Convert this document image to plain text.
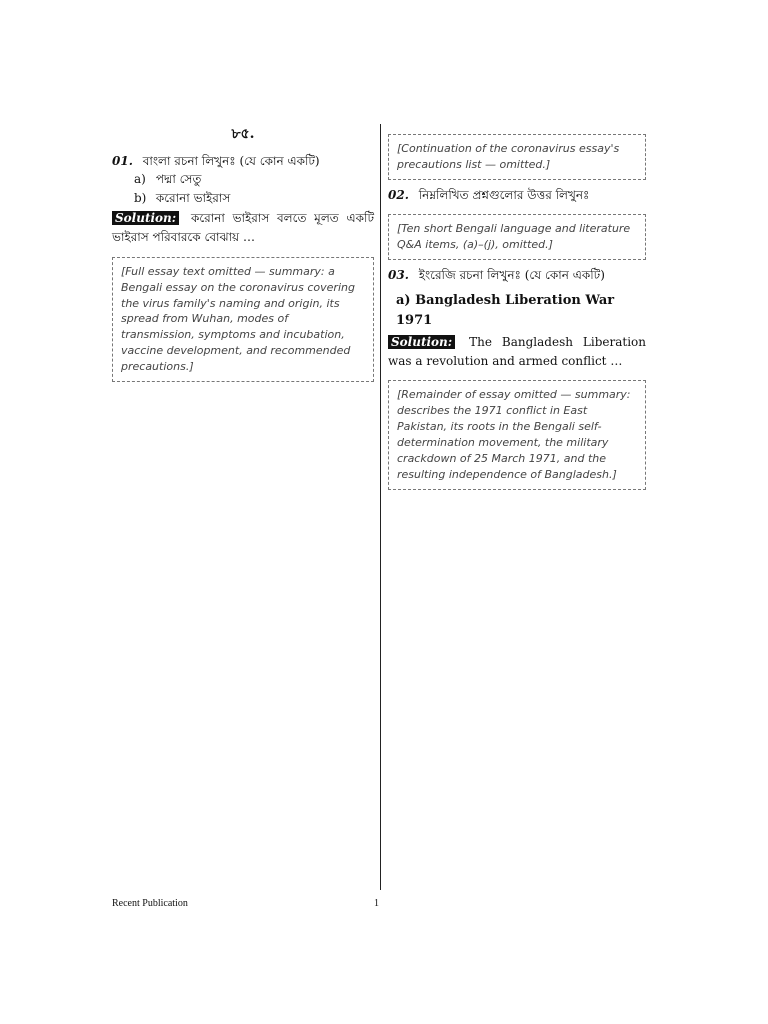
৮৫.
01. বাংলা রচনা লিখুনঃ (যে কোন একটি)
a) পদ্মা সেতু
b) করোনা ভাইরাস

Solution: করোনা ভাইরাস বলতে মূলত একটি ভাইরাস পরিবারকে বোঝায় …

[Full essay text omitted — summary: a Bengali essay on the coronavirus covering the virus family's naming and origin, its spread from Wuhan, modes of transmission, symptoms and incubation, vaccine development, and recommended precautions.]
[Continuation of the coronavirus essay's precautions list — omitted.]
02. নিম্নলিখিত প্রশ্নগুলোর উত্তর লিখুনঃ
[Ten short Bengali language and literature Q&A items, (a)–(j), omitted.]
03. ইংরেজি রচনা লিখুনঃ (যে কোন একটি)
a) Bangladesh Liberation War 1971

Solution: The Bangladesh Liberation was a revolution and armed conflict …

[Remainder of essay omitted — summary: describes the 1971 conflict in East Pakistan, its roots in the Bengali self-determination movement, the military crackdown of 25 March 1971, and the resulting independence of Bangladesh.]
Recent Publication	1
